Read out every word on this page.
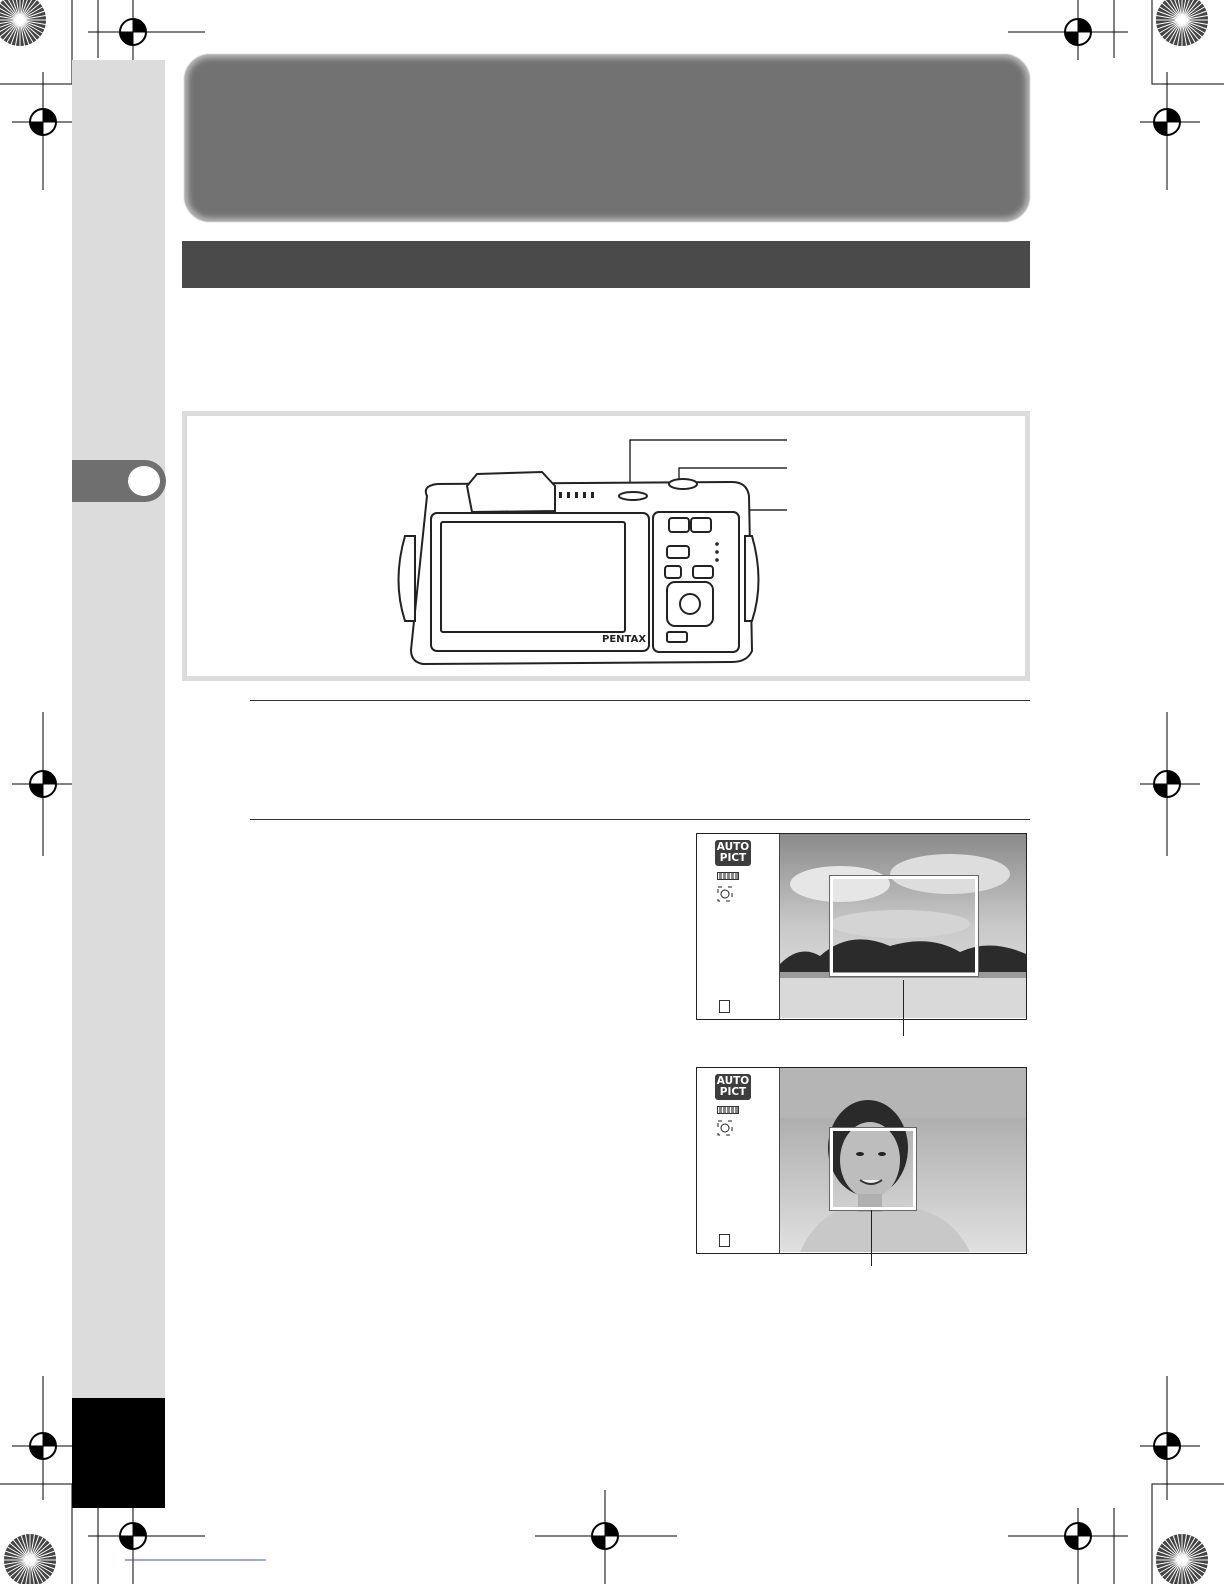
PENTAX
AUTO
PICT
AUTO
PICT
